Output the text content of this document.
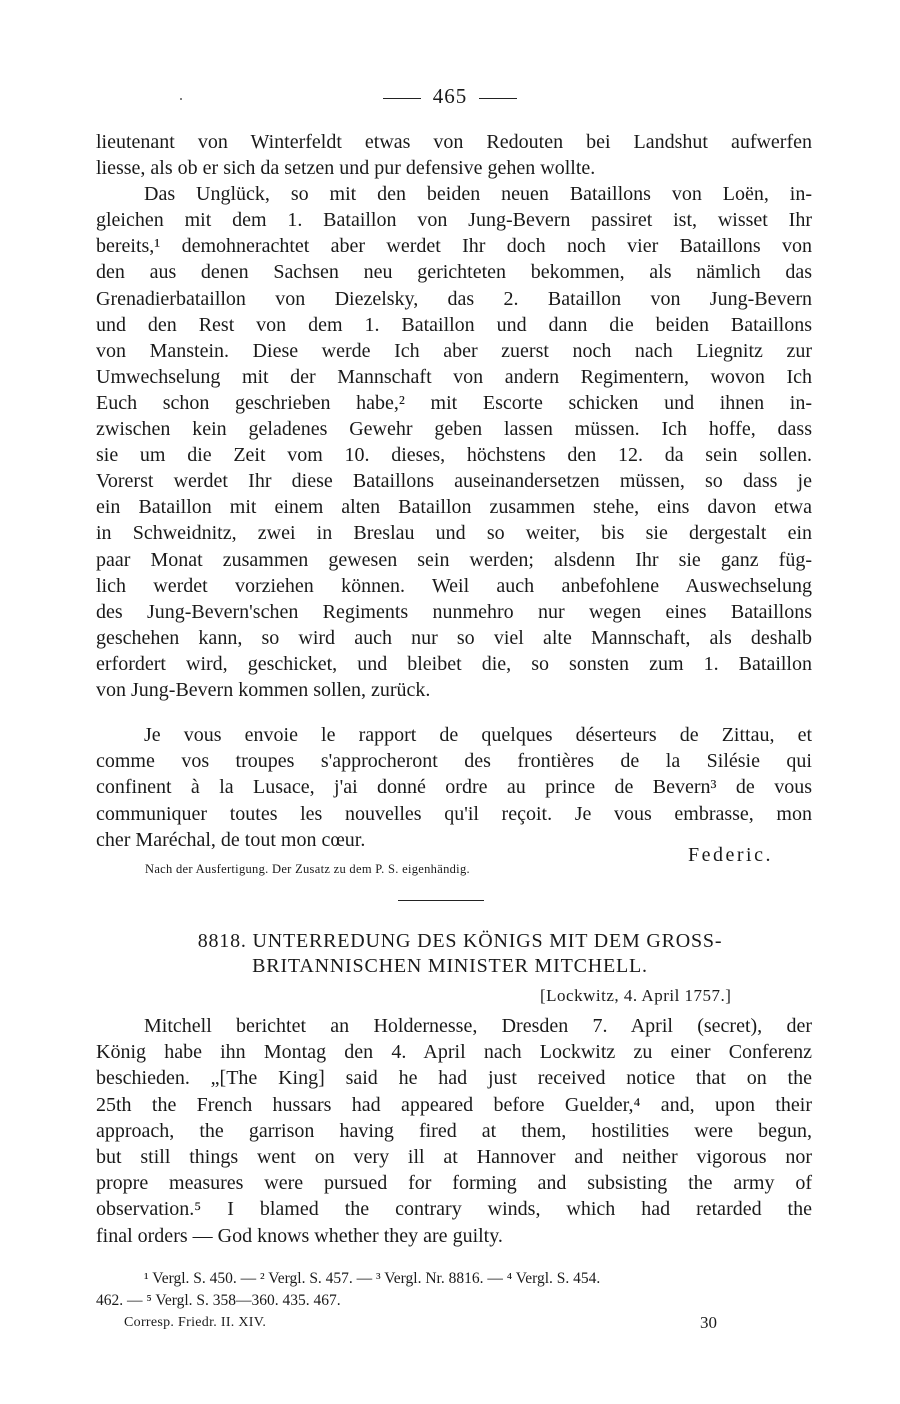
465
lieutenant von Winterfeldt etwas von Redouten bei Landshut aufwerfen
liesse, als ob er sich da setzen und pur defensive gehen wollte.
Das Unglück, so mit den beiden neuen Bataillons von Loën, in-
gleichen mit dem 1. Bataillon von Jung-Bevern passiret ist, wisset Ihr
bereits,¹ demohnerachtet aber werdet Ihr doch noch vier Bataillons von
den aus denen Sachsen neu gerichteten bekommen, als nämlich das
Grenadierbataillon von Diezelsky, das 2. Bataillon von Jung-Bevern
und den Rest von dem 1. Bataillon und dann die beiden Bataillons
von Manstein. Diese werde Ich aber zuerst noch nach Liegnitz zur
Umwechselung mit der Mannschaft von andern Regimentern, wovon Ich
Euch schon geschrieben habe,² mit Escorte schicken und ihnen in-
zwischen kein geladenes Gewehr geben lassen müssen. Ich hoffe, dass
sie um die Zeit vom 10. dieses, höchstens den 12. da sein sollen.
Vorerst werdet Ihr diese Bataillons auseinandersetzen müssen, so dass je
ein Bataillon mit einem alten Bataillon zusammen stehe, eins davon etwa
in Schweidnitz, zwei in Breslau und so weiter, bis sie dergestalt ein
paar Monat zusammen gewesen sein werden; alsdenn Ihr sie ganz füg-
lich werdet vorziehen können. Weil auch anbefohlene Auswechselung
des Jung-Bevern'schen Regiments nunmehro nur wegen eines Bataillons
geschehen kann, so wird auch nur so viel alte Mannschaft, als deshalb
erfordert wird, geschicket, und bleibet die, so sonsten zum 1. Bataillon
von Jung-Bevern kommen sollen, zurück.
Je vous envoie le rapport de quelques déserteurs de Zittau, et
comme vos troupes s'approcheront des frontières de la Silésie qui
confinent à la Lusace, j'ai donné ordre au prince de Bevern³ de vous
communiquer toutes les nouvelles qu'il reçoit. Je vous embrasse, mon
cher Maréchal, de tout mon cœur.
Federic.
Nach der Ausfertigung. Der Zusatz zu dem P. S. eigenhändig.
8818. UNTERREDUNG DES KÖNIGS MIT DEM GROSS-
BRITANNISCHEN MINISTER MITCHELL.
[Lockwitz, 4. April 1757.]
Mitchell berichtet an Holdernesse, Dresden 7. April (secret), der
König habe ihn Montag den 4. April nach Lockwitz zu einer Conferenz
beschieden. „[The King] said he had just received notice that on the
25th the French hussars had appeared before Guelder,⁴ and, upon their
approach, the garrison having fired at them, hostilities were begun,
but still things went on very ill at Hannover and neither vigorous nor
propre measures were pursued for forming and subsisting the army of
observation.⁵ I blamed the contrary winds, which had retarded the
final orders — God knows whether they are guilty.
¹ Vergl. S. 450. — ² Vergl. S. 457. — ³ Vergl. Nr. 8816. — ⁴ Vergl. S. 454.
462. — ⁵ Vergl. S. 358—360. 435. 467.
Corresp. Friedr. II. XIV.	30
